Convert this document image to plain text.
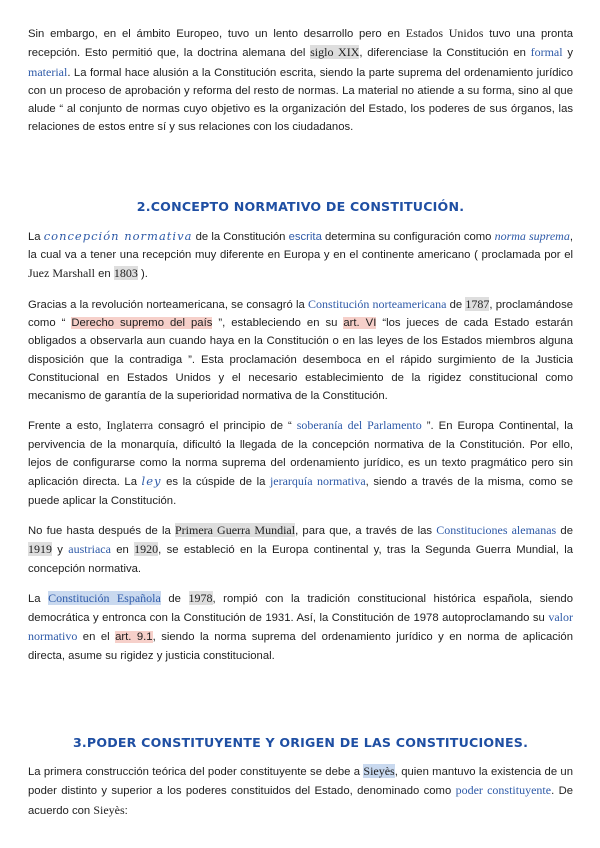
Sin embargo, en el ámbito Europeo, tuvo un lento desarrollo pero en Estados Unidos tuvo una pronta recepción. Esto permitió que, la doctrina alemana del siglo XIX, diferenciase la Constitución en formal y material. La formal hace alusión a la Constitución escrita, siendo la parte suprema del ordenamiento jurídico con un proceso de aprobación y reforma del resto de normas. La material no atiende a su forma, sino al que alude “ al conjunto de normas cuyo objetivo es la organización del Estado, los poderes de sus órganos, las relaciones de estos entre sí y sus relaciones con los ciudadanos.

2.CONCEPTO NORMATIVO DE CONSTITUCIÓN.

La concepción normativa de la Constitución escrita determina su configuración como norma suprema, la cual va a tener una recepción muy diferente en Europa y en el continente americano ( proclamada por el Juez Marshall en 1803 ).

Gracias a la revolución norteamericana, se consagró la Constitución norteamericana de 1787, proclamándose como “ Derecho supremo del país ”, estableciendo en su art. VI “los jueces de cada Estado estarán obligados a observarla aun cuando haya en la Constitución o en las leyes de los Estados miembros alguna disposición que la contradiga ”. Esta proclamación desemboca en el rápido surgimiento de la Justicia Constitucional en Estados Unidos y el necesario establecimiento de la rigidez constitucional como mecanismo de garantía de la superioridad normativa de la Constitución.

Frente a esto, Inglaterra consagró el principio de “ soberanía del Parlamento ”. En Europa Continental, la pervivencia de la monarquía, dificultó la llegada de la concepción normativa de la Constitución. Por ello, lejos de configurarse como la norma suprema del ordenamiento jurídico, es un texto pragmático pero sin aplicación directa. La ley es la cúspide de la jerarquía normativa, siendo a través de la misma, como se puede aplicar la Constitución.

No fue hasta después de la Primera Guerra Mundial, para que, a través de las Constituciones alemanas de 1919 y austriaca en 1920, se estableció en la Europa continental y, tras la Segunda Guerra Mundial, la concepción normativa.

La Constitución Española de 1978, rompió con la tradición constitucional histórica española, siendo democrática y entronca con la Constitución de 1931. Así, la Constitución de 1978 autoproclamando su valor normativo en el art. 9.1, siendo la norma suprema del ordenamiento jurídico y en norma de aplicación directa, asume su rigidez y justicia constitucional.

3.PODER CONSTITUYENTE Y ORIGEN DE LAS CONSTITUCIONES.

La primera construcción teórica del poder constituyente se debe a Sieyès, quien mantuvo la existencia de un poder distinto y superior a los poderes constituidos del Estado, denominado como poder constituyente. De acuerdo con Sieyès:
